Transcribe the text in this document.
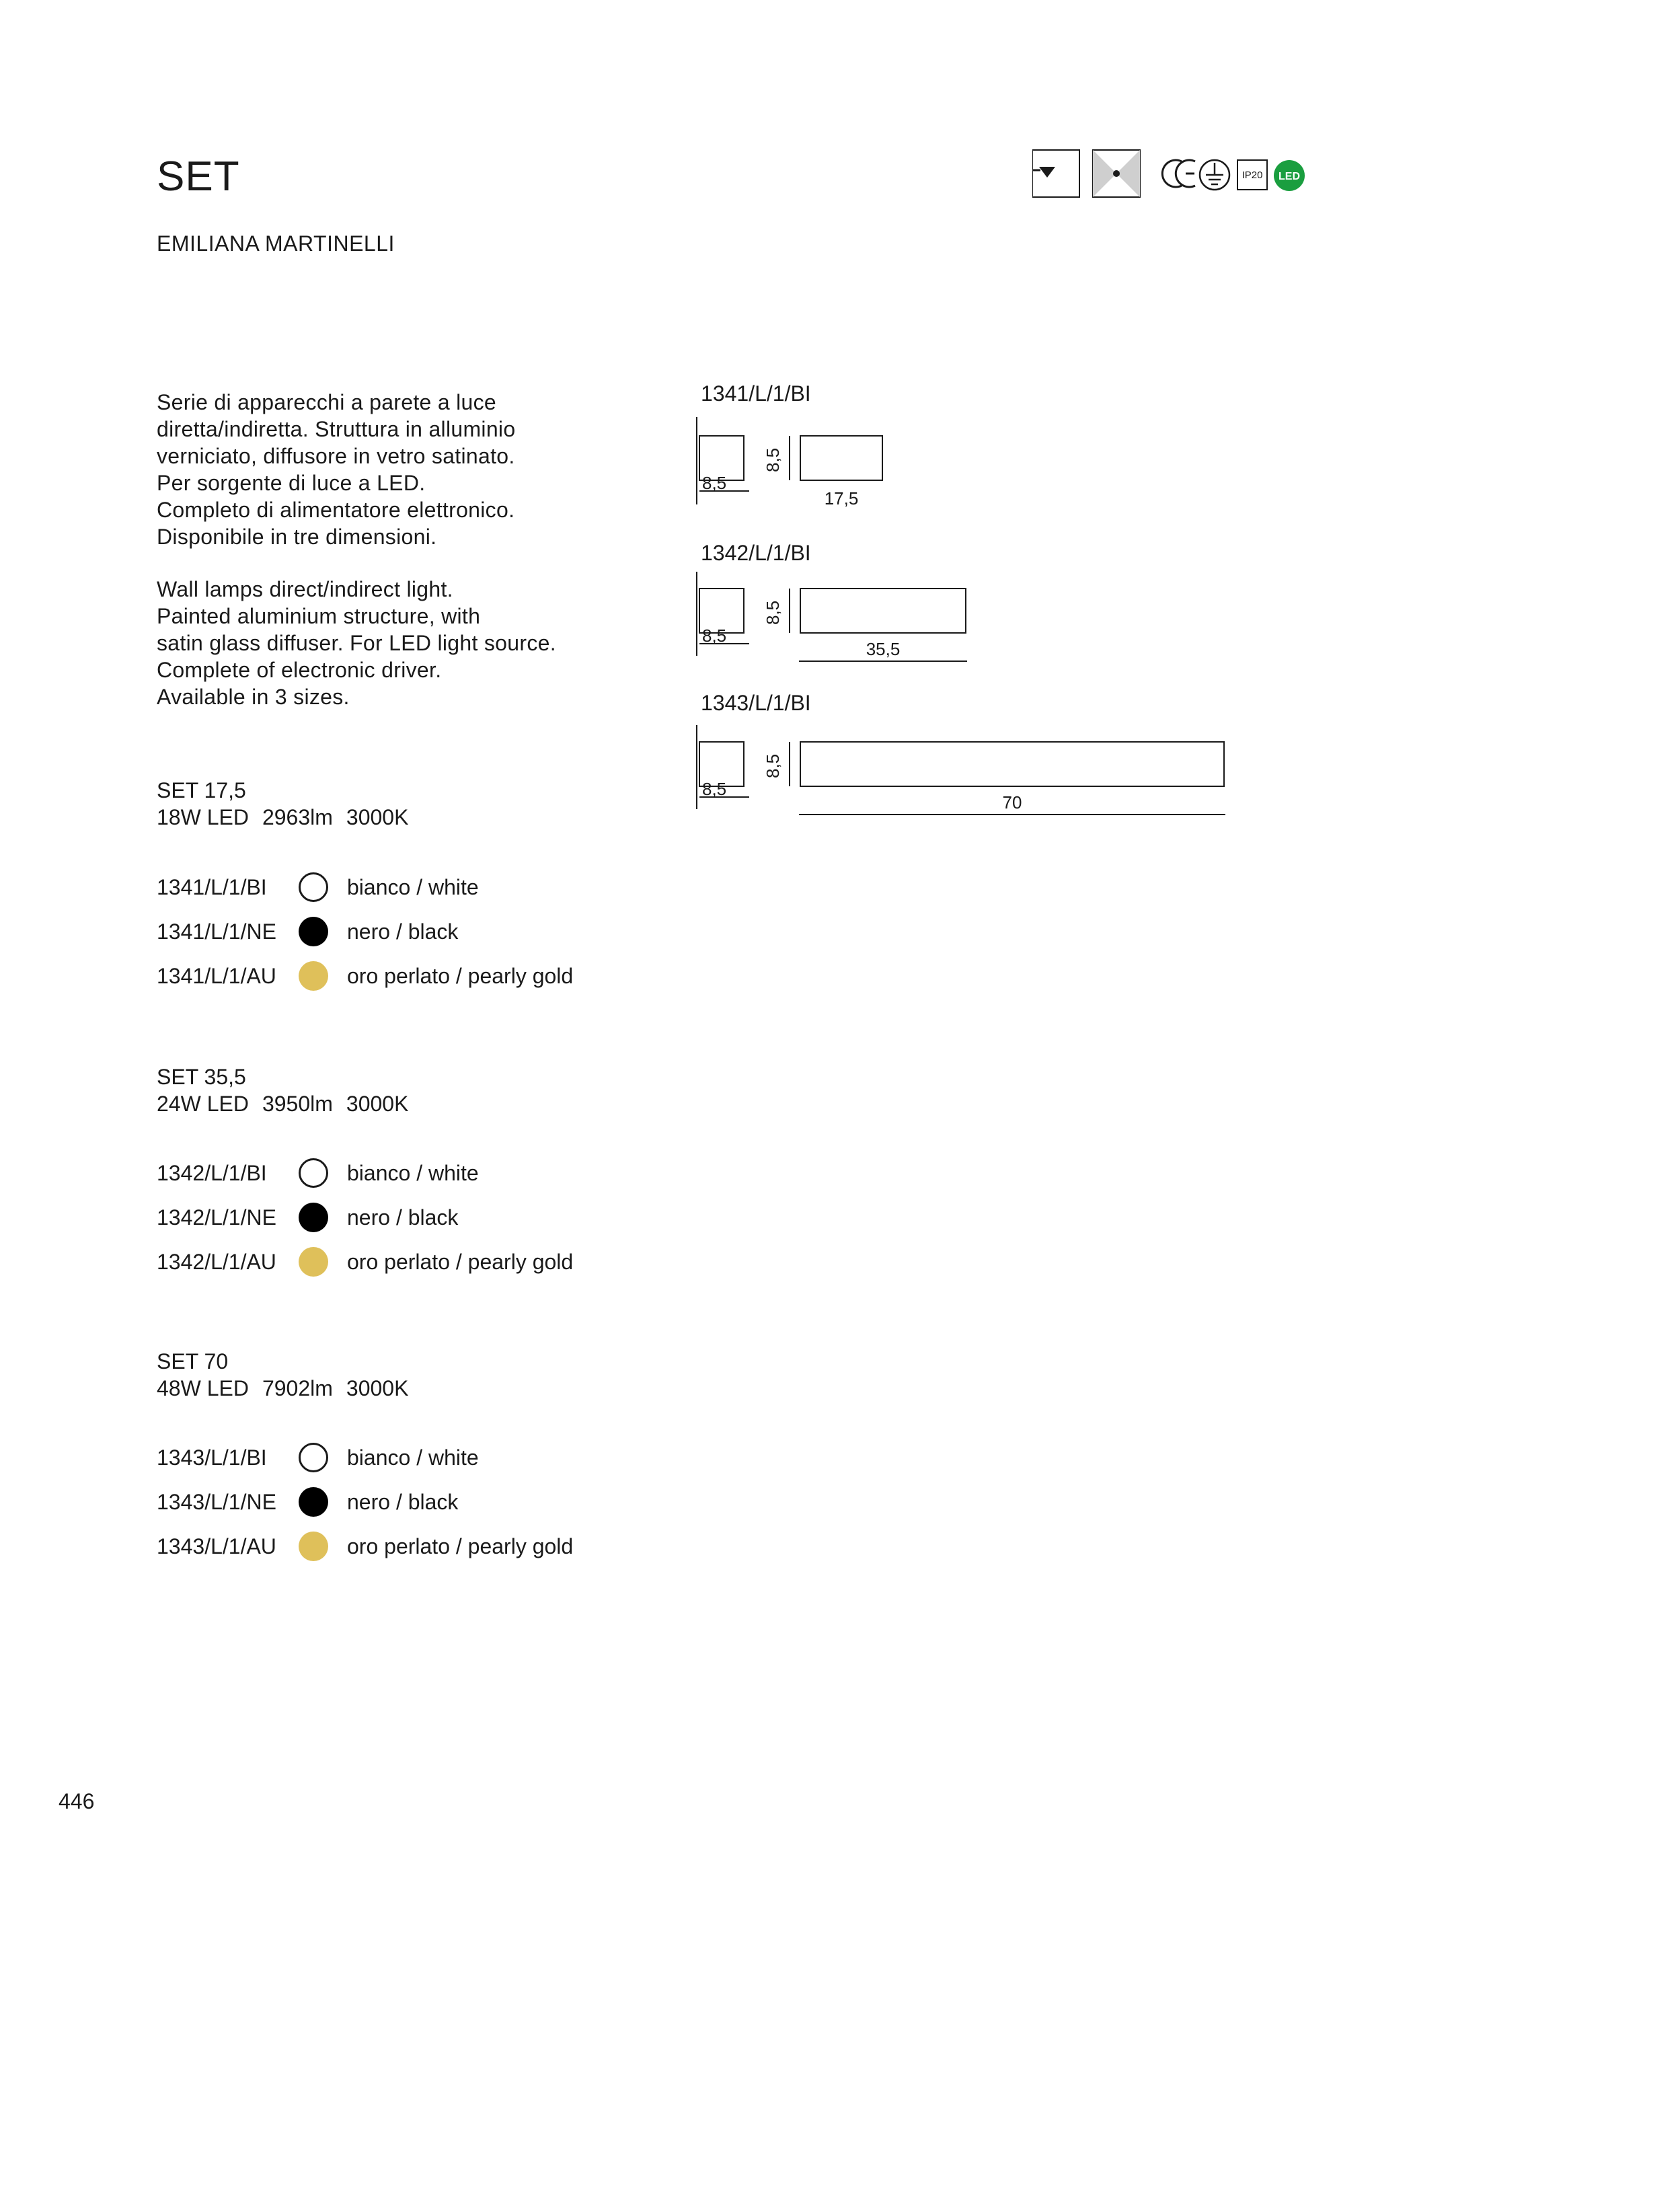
SET
EMILIANA MARTINELLI
IP20 LED
Serie di apparecchi a parete a luce
diretta/indiretta. Struttura in alluminio
verniciato, diffusore in vetro satinato.
Per sorgente di luce a LED.
Completo di alimentatore elettronico.
Disponibile in tre dimensioni.
Wall lamps direct/indirect light.
Painted aluminium structure, with
satin glass diffuser. For LED light source.
Complete of electronic driver.
Available in 3 sizes.
SET 17,5
18W LED 2963lm 3000K
1341/L/1/BI	bianco / white
1341/L/1/NE	nero / black
1341/L/1/AU	oro perlato / pearly gold
SET 35,5
24W LED 3950lm 3000K
1342/L/1/BI	bianco / white
1342/L/1/NE	nero / black
1342/L/1/AU	oro perlato / pearly gold
SET 70
48W LED 7902lm 3000K
1343/L/1/BI	bianco / white
1343/L/1/NE	nero / black
1343/L/1/AU	oro perlato / pearly gold
1341/L/1/BI
8,5
8,5
17,5
1342/L/1/BI
8,5
8,5
35,5
1343/L/1/BI
8,5
8,5
70
446
